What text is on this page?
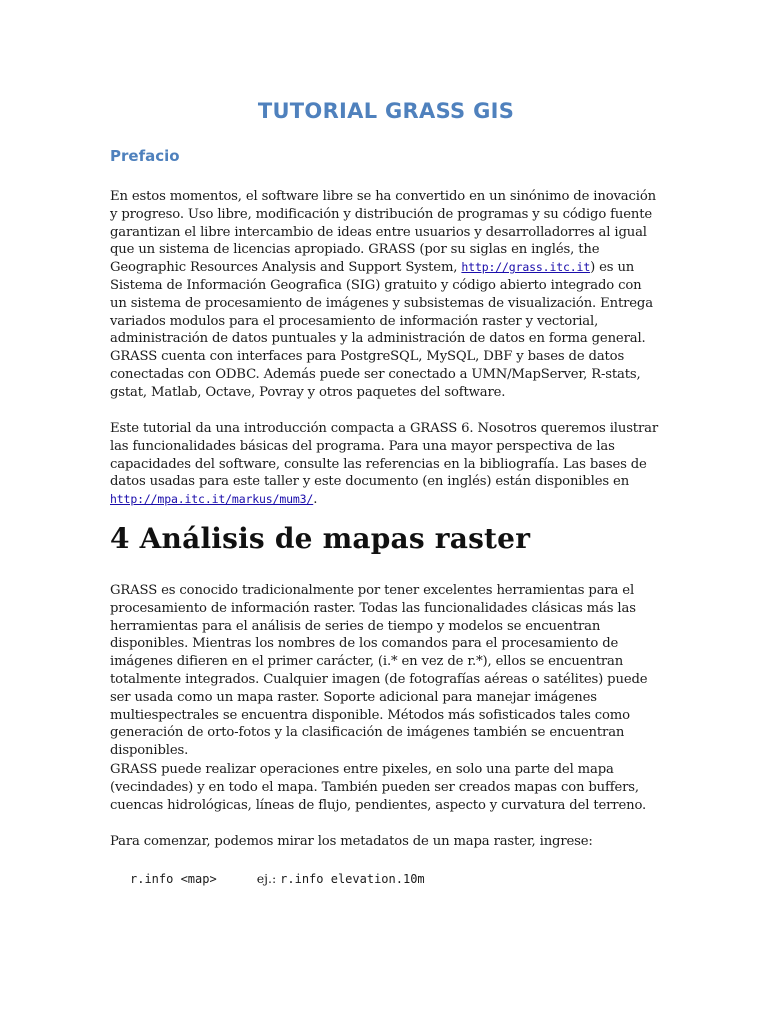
TUTORIAL GRASS GIS
Prefacio

En estos momentos, el software libre se ha convertido en un sinónimo de inovación y progreso. Uso libre, modificación y distribución de programas y su código fuente garantizan el libre intercambio de ideas entre usuarios y desarrolladorres al igual que un sistema de licencias apropiado. GRASS (por su siglas en inglés, the Geographic Resources Analysis and Support System, http://grass.itc.it) es un Sistema de Información Geografica (SIG) gratuito y código abierto integrado con un sistema de procesamiento de imágenes y subsistemas de visualización. Entrega variados modulos para el procesamiento de información raster y vectorial, administración de datos puntuales y la administración de datos en forma general. GRASS cuenta con interfaces para PostgreSQL, MySQL, DBF y bases de datos conectadas con ODBC. Además puede ser conectado a UMN/MapServer, R-stats, gstat, Matlab, Octave, Povray y otros paquetes del software.

Este tutorial da una introducción compacta a GRASS 6. Nosotros queremos ilustrar las funcionalidades básicas del programa. Para una mayor perspectiva de las capacidades del software, consulte las referencias en la bibliografía. Las bases de datos usadas para este taller y este documento (en inglés) están disponibles en http://mpa.itc.it/markus/mum3/.

4 Análisis de mapas raster

GRASS es conocido tradicionalmente por tener excelentes herramientas para el procesamiento de información raster. Todas las funcionalidades clásicas más las herramientas para el análisis de series de tiempo y modelos se encuentran disponibles. Mientras los nombres de los comandos para el procesamiento de imágenes difieren en el primer carácter, (i.* en vez de r.*), ellos se encuentran totalmente integrados. Cualquier imagen (de fotografías aéreas o satélites) puede ser usada como un mapa raster. Soporte adicional para manejar imágenes multiespectrales se encuentra disponible. Métodos más sofisticados tales como generación de orto-fotos y la clasificación de imágenes también se encuentran disponibles.

GRASS puede realizar operaciones entre pixeles, en solo una parte del mapa (vecindades) y en todo el mapa. También pueden ser creados mapas con buffers, cuencas hidrológicas, líneas de flujo, pendientes, aspecto y curvatura del terreno.

Para comenzar, podemos mirar los metadatos de un mapa raster, ingrese:

r.info <map>	ej.: r.info elevation.10m
